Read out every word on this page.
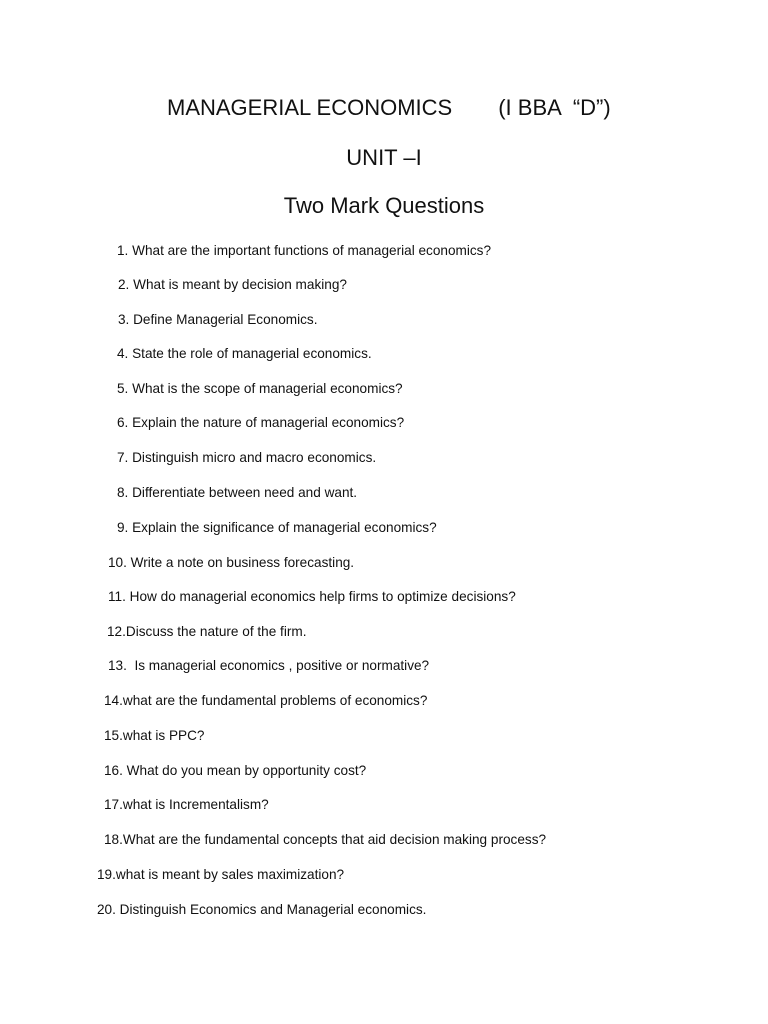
MANAGERIAL ECONOMICS (I BBA  “D”)
UNIT –I
Two Mark Questions

1. What are the important functions of managerial economics?

2. What is meant by decision making?

3. Define Managerial Economics.

4. State the role of managerial economics.

5. What is the scope of managerial economics?

6. Explain the nature of managerial economics?

7. Distinguish micro and macro economics.

8. Differentiate between need and want.

9. Explain the significance of managerial economics?

10. Write a note on business forecasting.

11. How do managerial economics help firms to optimize decisions?

12.Discuss the nature of the firm.

13.  Is managerial economics , positive or normative?

14.what are the fundamental problems of economics?

15.what is PPC?

16. What do you mean by opportunity cost?

17.what is Incrementalism?

18.What are the fundamental concepts that aid decision making process?

19.what is meant by sales maximization?

20. Distinguish Economics and Managerial economics.
